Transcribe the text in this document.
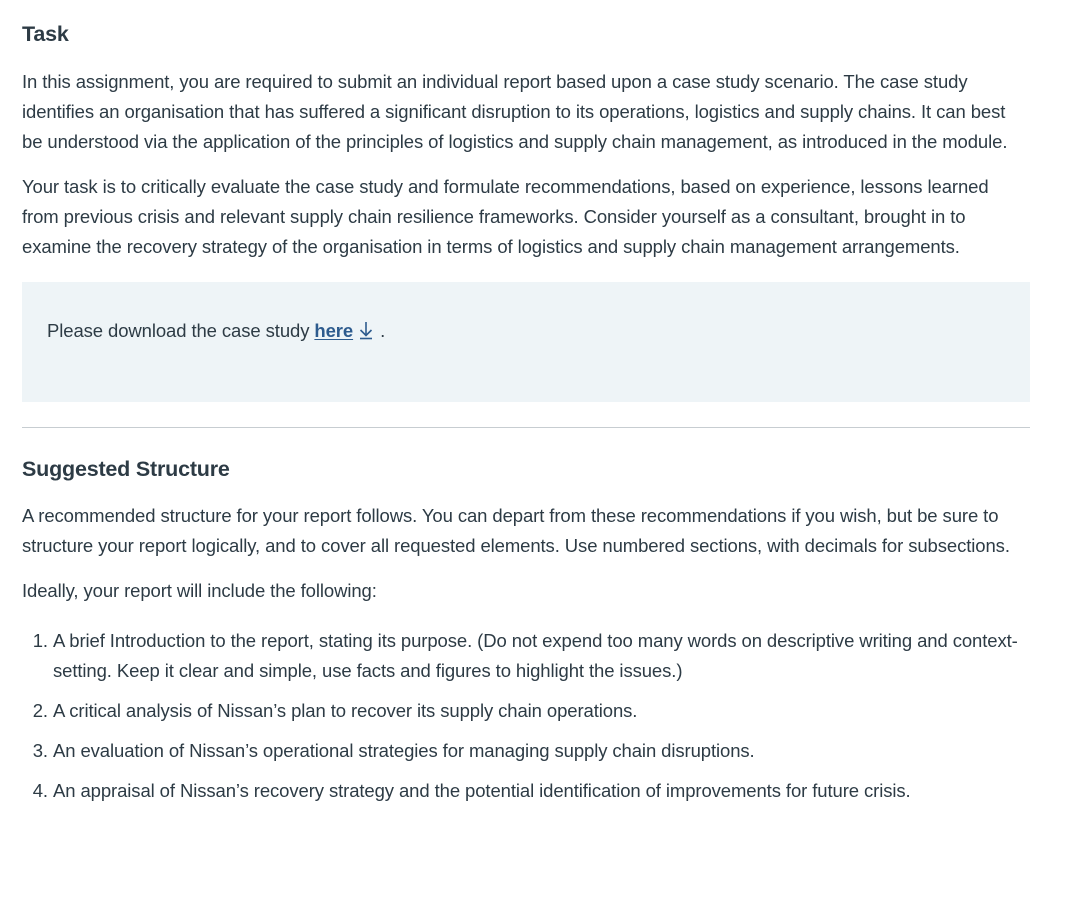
Task

In this assignment, you are required to submit an individual report based upon a case study scenario. The case study identifies an organisation that has suffered a significant disruption to its operations, logistics and supply chains. It can best be understood via the application of the principles of logistics and supply chain management, as introduced in the module.

Your task is to critically evaluate the case study and formulate recommendations, based on experience, lessons learned from previous crisis and relevant supply chain resilience frameworks. Consider yourself as a consultant, brought in to examine the recovery strategy of the organisation in terms of logistics and supply chain management arrangements.

Please download the case study here .

Suggested Structure

A recommended structure for your report follows. You can depart from these recommendations if you wish, but be sure to structure your report logically, and to cover all requested elements. Use numbered sections, with decimals for subsections.

Ideally, your report will include the following:

1. A brief Introduction to the report, stating its purpose. (Do not expend too many words on descriptive writing and context-setting. Keep it clear and simple, use facts and figures to highlight the issues.)
2. A critical analysis of Nissan’s plan to recover its supply chain operations.
3. An evaluation of Nissan’s operational strategies for managing supply chain disruptions.
4. An appraisal of Nissan’s recovery strategy and the potential identification of improvements for future crisis.
